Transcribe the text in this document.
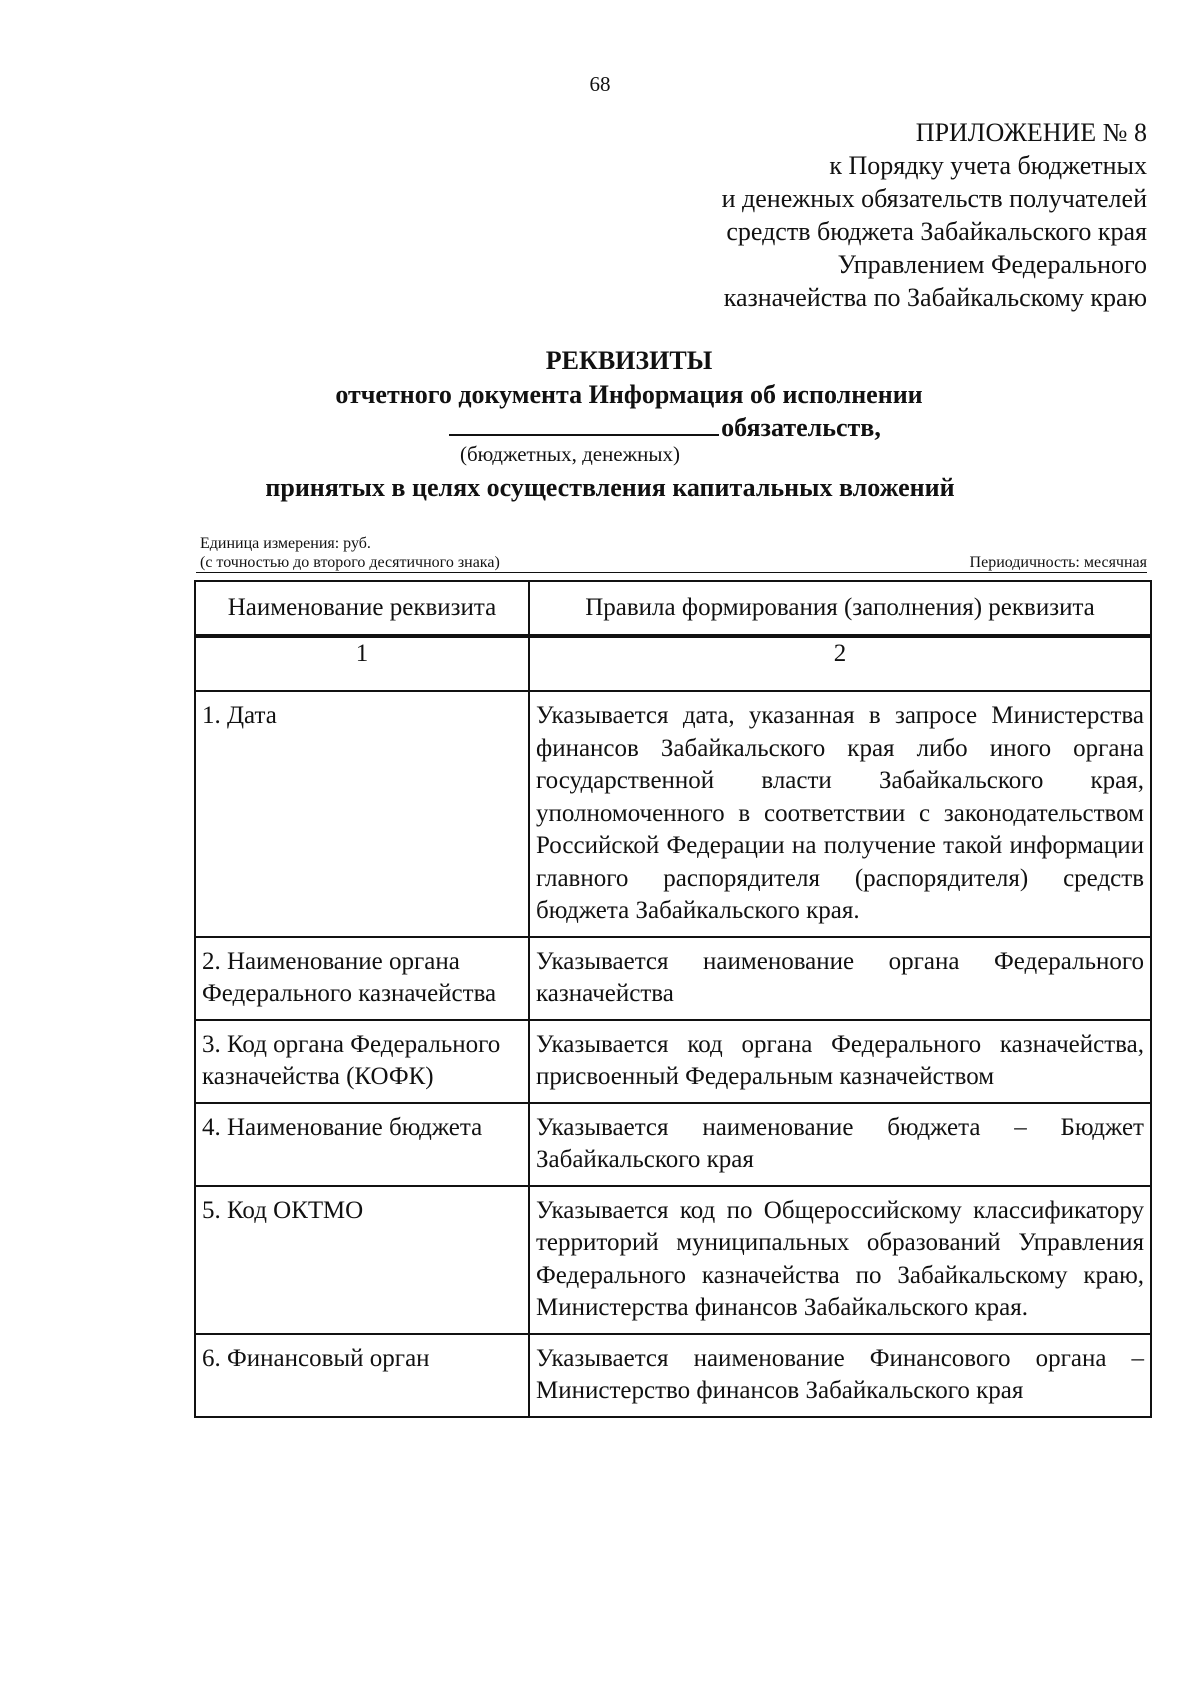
68
ПРИЛОЖЕНИЕ № 8
к Порядку учета бюджетных
и денежных обязательств получателей
средств бюджета Забайкальского края
Управлением Федерального
казначейства по Забайкальскому краю
РЕКВИЗИТЫ
отчетного документа Информация об исполнении
обязательств,
(бюджетных, денежных)
принятых в целях осуществления капитальных вложений
Единица измерения: руб.
(с точностью до второго десятичного знака)	Периодичность: месячная
Наименование реквизита	Правила формирования (заполнения) реквизита
1	2
1. Дата	Указывается дата, указанная в запросе Министерства финансов Забайкальского края либо иного органа государственной власти Забайкальского края, уполномоченного в соответствии с законодательством Российской Федерации на получение такой информации главного распорядителя (распорядителя) средств бюджета Забайкальского края.
2. Наименование органа Федерального казначейства	Указывается наименование органа Федерального казначейства
3. Код органа Федерального казначейства (КОФК)	Указывается код органа Федерального казначейства, присвоенный Федеральным казначейством
4. Наименование бюджета	Указывается наименование бюджета – Бюджет Забайкальского края
5. Код ОКТМО	Указывается код по Общероссийскому классификатору территорий муниципальных образований Управления Федерального казначейства по Забайкальскому краю, Министерства финансов Забайкальского края.
6. Финансовый орган	Указывается наименование Финансового органа – Министерство финансов Забайкальского края
